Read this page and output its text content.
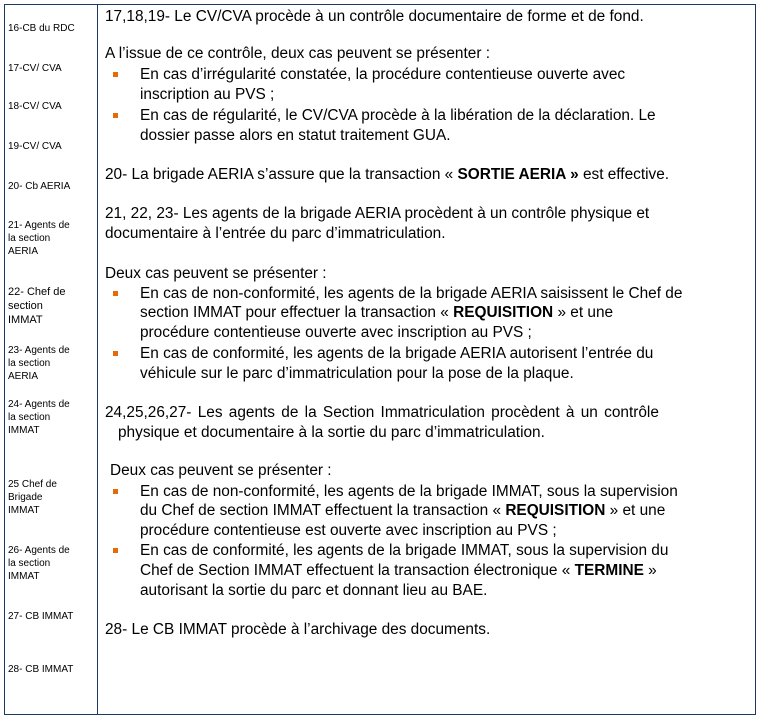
16-CB du RDC
17-CV/ CVA
18-CV/ CVA
19-CV/ CVA
20- Cb AERIA
21- Agents de
la section
AERIA
22- Chef de
section
IMMAT
23- Agents de
la section
AERIA
24- Agents de
la section
IMMAT
25 Chef de
Brigade
IMMAT
26- Agents de
la section
IMMAT
27- CB IMMAT
28- CB IMMAT
17,18,19- Le CV/CVA procède à un contrôle documentaire de forme et de fond.
A l’issue de ce contrôle, deux cas peuvent se présenter :
En cas d’irrégularité constatée, la procédure contentieuse ouverte avec
inscription au PVS ;
En cas de régularité, le CV/CVA procède à la libération de la déclaration. Le
dossier passe alors en statut traitement GUA.
20- La brigade AERIA s’assure que la transaction « SORTIE AERIA » est effective.
21, 22, 23- Les agents de la brigade AERIA procèdent à un contrôle physique et
documentaire à l’entrée du parc d’immatriculation.
Deux cas peuvent se présenter :
En cas de non-conformité, les agents de la brigade AERIA saisissent le Chef de
section IMMAT pour effectuer la transaction « REQUISITION » et une
procédure contentieuse ouverte avec inscription au PVS ;
En cas de conformité, les agents de la brigade AERIA autorisent l’entrée du
véhicule sur le parc d’immatriculation pour la pose de la plaque.
24,25,26,27- Les agents de la Section Immatriculation procèdent à un contrôle
physique et documentaire à la sortie du parc d’immatriculation.
Deux cas peuvent se présenter :
En cas de non-conformité, les agents de la brigade IMMAT, sous la supervision
du Chef de section IMMAT effectuent la transaction « REQUISITION » et une
procédure contentieuse est ouverte avec inscription au PVS ;
En cas de conformité, les agents de la brigade IMMAT, sous la supervision du
Chef de Section IMMAT effectuent la transaction électronique « TERMINE »
autorisant la sortie du parc et donnant lieu au BAE.
28- Le CB IMMAT procède à l’archivage des documents.
